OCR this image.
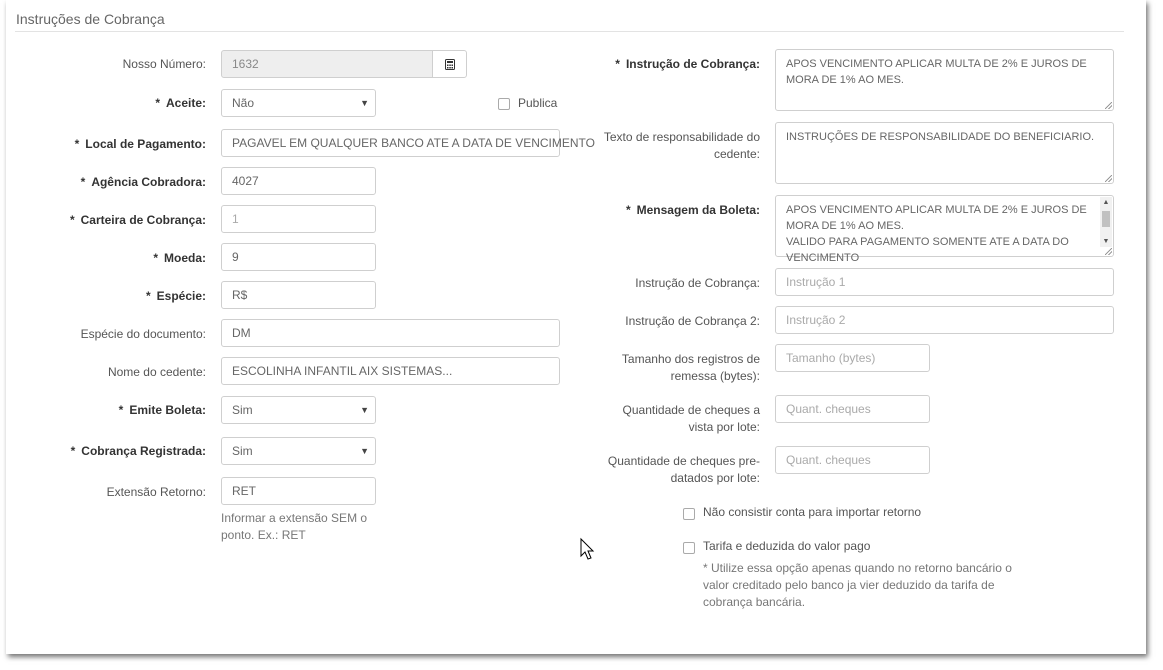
Instruções de Cobrança
Nosso Número:	1632
* Aceite:	Não	▼	Publica
* Local de Pagamento:	PAGAVEL EM QUALQUER BANCO ATE A DATA DE VENCIMENTO
* Agência Cobradora:	4027
* Carteira de Cobrança:	1
* Moeda:	9
* Espécie:	R$
Espécie do documento:	DM
Nome do cedente:	ESCOLINHA INFANTIL AIX SISTEMAS...
* Emite Boleta:	Sim	▼
* Cobrança Registrada:	Sim	▼
Extensão Retorno:	RET
Informar a extensão SEM o ponto. Ex.: RET
* Instrução de Cobrança:	APOS VENCIMENTO APLICAR MULTA DE 2% E JUROS DE MORA DE 1% AO MES.
Texto de responsabilidade do cedente:
INSTRUÇÕES DE RESPONSABILIDADE DO BENEFICIARIO.
* Mensagem da Boleta:	APOS VENCIMENTO APLICAR MULTA DE 2% E JUROS DE MORA DE 1% AO MES.
VALIDO PARA PAGAMENTO SOMENTE ATE A DATA DO VENCIMENTO

▲
▼

Instrução de Cobrança:	Instrução 1
Instrução de Cobrança 2:	Instrução 2
Tamanho dos registros de remessa (bytes):
Tamanho (bytes)
Quantidade de cheques a vista por lote:
Quant. cheques
Quantidade de cheques pre-datados por lote:
Quant. cheques
Não consistir conta para importar retorno
Tarifa e deduzida do valor pago
* Utilize essa opção apenas quando no retorno bancário o valor creditado pelo banco ja vier deduzido da tarifa de cobrança bancária.
